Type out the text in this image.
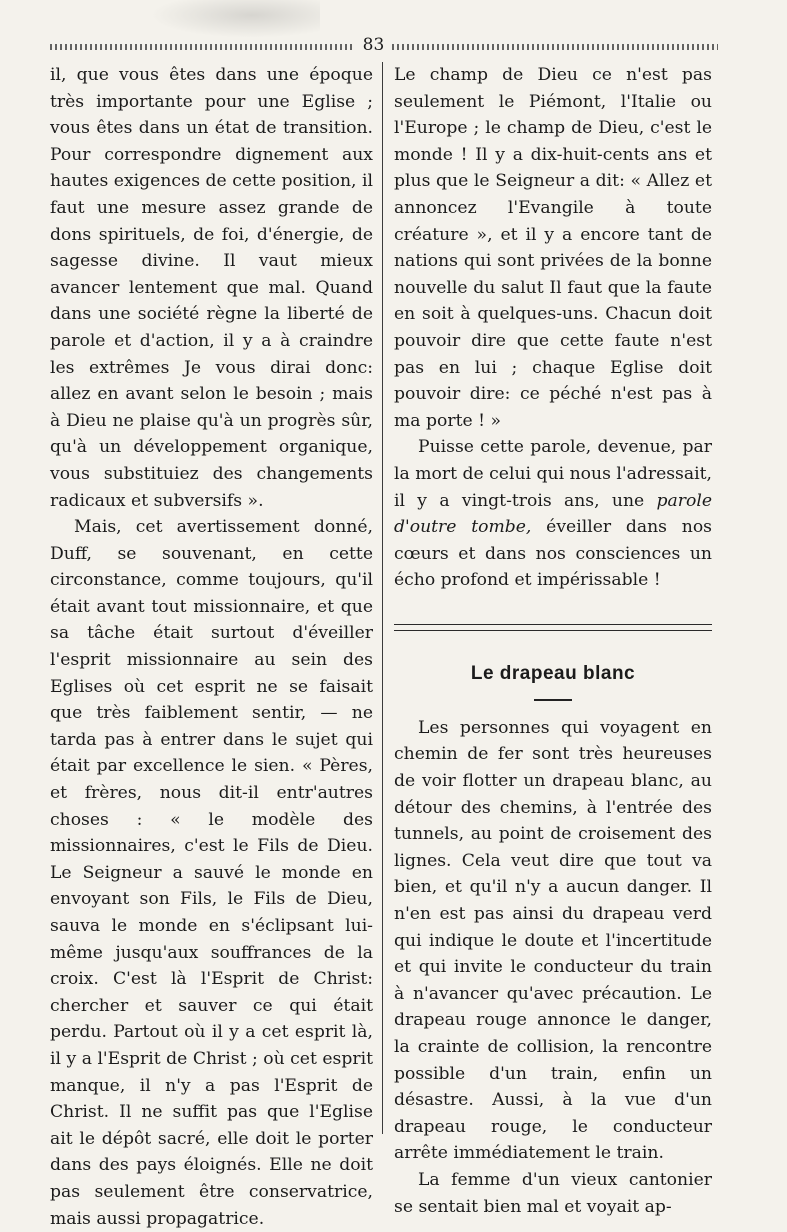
83

il, que vous êtes dans une époque très importante pour une Eglise ; vous êtes dans un état de transition. Pour correspondre dignement aux hautes exigences de cette position, il faut une mesure assez grande de dons spirituels, de foi, d'énergie, de sagesse divine. Il vaut mieux avancer lentement que mal. Quand dans une société règne la liberté de parole et d'action, il y a à craindre les extrêmes Je vous dirai donc: allez en avant selon le besoin ; mais à Dieu ne plaise qu'à un progrès sûr, qu'à un développement organique, vous substituiez des changements radicaux et subversifs ».

Mais, cet avertissement donné, Duff, se souvenant, en cette circonstance, comme toujours, qu'il était avant tout missionnaire, et que sa tâche était surtout d'éveiller l'esprit missionnaire au sein des Eglises où cet esprit ne se faisait que très faiblement sentir, — ne tarda pas à entrer dans le sujet qui était par excellence le sien. « Pères, et frères, nous dit-il entr'autres choses : « le modèle des missionnaires, c'est le Fils de Dieu. Le Seigneur a sauvé le monde en envoyant son Fils, le Fils de Dieu, sauva le monde en s'éclipsant lui-même jusqu'aux souffrances de la croix. C'est là l'Esprit de Christ: chercher et sauver ce qui était perdu. Partout où il y a cet esprit là, il y a l'Esprit de Christ ; où cet esprit manque, il n'y a pas l'Esprit de Christ. Il ne suffit pas que l'Eglise ait le dépôt sacré, elle doit le porter dans des pays éloignés. Elle ne doit pas seulement être conservatrice, mais aussi propagatrice.

Le champ de Dieu ce n'est pas seulement le Piémont, l'Italie ou l'Europe ; le champ de Dieu, c'est le monde ! Il y a dix-huit-cents ans et plus que le Seigneur a dit: « Allez et annoncez l'Evangile à toute créature », et il y a encore tant de nations qui sont privées de la bonne nouvelle du salut Il faut que la faute en soit à quelques-uns. Chacun doit pouvoir dire que cette faute n'est pas en lui ; chaque Eglise doit pouvoir dire: ce péché n'est pas à ma porte ! »

Puisse cette parole, devenue, par la mort de celui qui nous l'adressait, il y a vingt-trois ans, une parole d'outre tombe, éveiller dans nos cœurs et dans nos consciences un écho profond et impérissable !

Le drapeau blanc

Les personnes qui voyagent en chemin de fer sont très heureuses de voir flotter un drapeau blanc, au détour des chemins, à l'entrée des tunnels, au point de croisement des lignes. Cela veut dire que tout va bien, et qu'il n'y a aucun danger. Il n'en est pas ainsi du drapeau verd qui indique le doute et l'incertitude et qui invite le conducteur du train à n'avancer qu'avec précaution. Le drapeau rouge annonce le danger, la crainte de collision, la rencontre possible d'un train, enfin un désastre. Aussi, à la vue d'un drapeau rouge, le conducteur arrête immédiatement le train.

La femme d'un vieux cantonier se sentait bien mal et voyait ap-
